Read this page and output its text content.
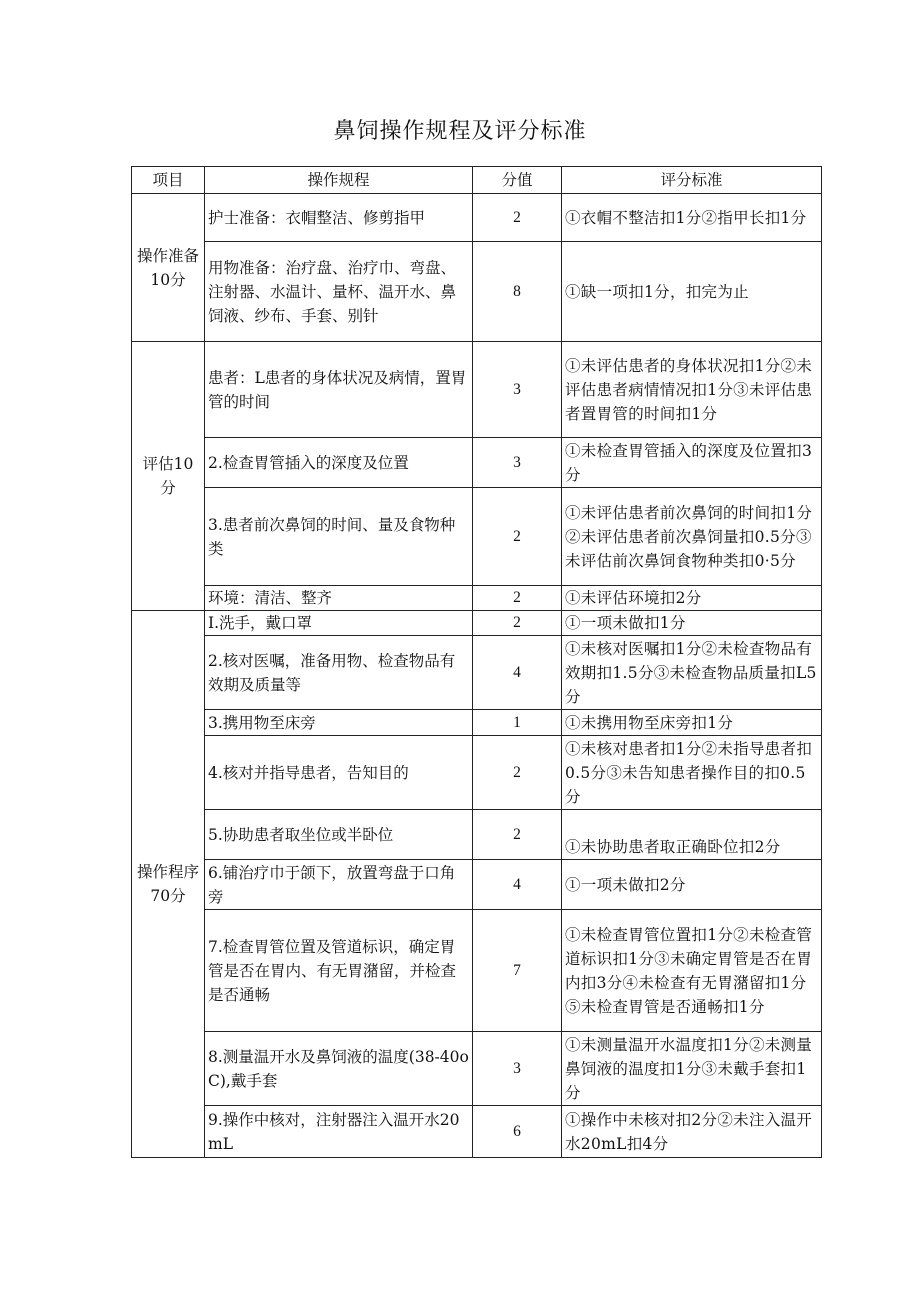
鼻饲操作规程及评分标准
项目	操作规程	分值	评分标准
操作准备10分	护士准备：衣帽整洁、修剪指甲	2	①衣帽不整洁扣1分②指甲长扣1分
	用物准备：治疗盘、治疗巾、弯盘、注射器、水温计、量杯、温开水、鼻饲液、纱布、手套、别针	8	①缺一项扣1分，扣完为止
评估10分	患者：L患者的身体状况及病情，置胃管的时间	3	①未评估患者的身体状况扣1分②未评估患者病情情况扣1分③未评估患者置胃管的时间扣1分
	2.检查胃管插入的深度及位置	3	①未检查胃管插入的深度及位置扣3分
	3.患者前次鼻饲的时间、量及食物种类	2	①未评估患者前次鼻饲的时间扣1分②未评估患者前次鼻饲量扣0.5分③未评估前次鼻饲食物种类扣0·5分
	环境：清洁、整齐	2	①未评估环境扣2分
操作程序70分	I.洗手，戴口罩	2	①一项未做扣1分
	2.核对医嘱，准备用物、检查物品有效期及质量等	4	①未核对医嘱扣1分②未检查物品有效期扣1.5分③未检查物品质量扣L5分
	3.携用物至床旁	1	①未携用物至床旁扣1分
	4.核对并指导患者，告知目的	2	①未核对患者扣1分②未指导患者扣0.5分③未告知患者操作目的扣0.5分
	5.协助患者取坐位或半卧位	2	①未协助患者取正确卧位扣2分
	6.铺治疗巾于颌下，放置弯盘于口角旁	4	①一项未做扣2分
	7.检查胃管位置及管道标识，确定胃管是否在胃内、有无胃潴留，并检查是否通畅	7	①未检查胃管位置扣1分②未检查管道标识扣1分③未确定胃管是否在胃内扣3分④未检查有无胃潴留扣1分⑤未检查胃管是否通畅扣1分
	8.测量温开水及鼻饲液的温度(38-40oC),戴手套	3	①未测量温开水温度扣1分②未测量鼻饲液的温度扣1分③未戴手套扣1分
	9.操作中核对，注射器注入温开水20mL	6	①操作中未核对扣2分②未注入温开水20mL扣4分
